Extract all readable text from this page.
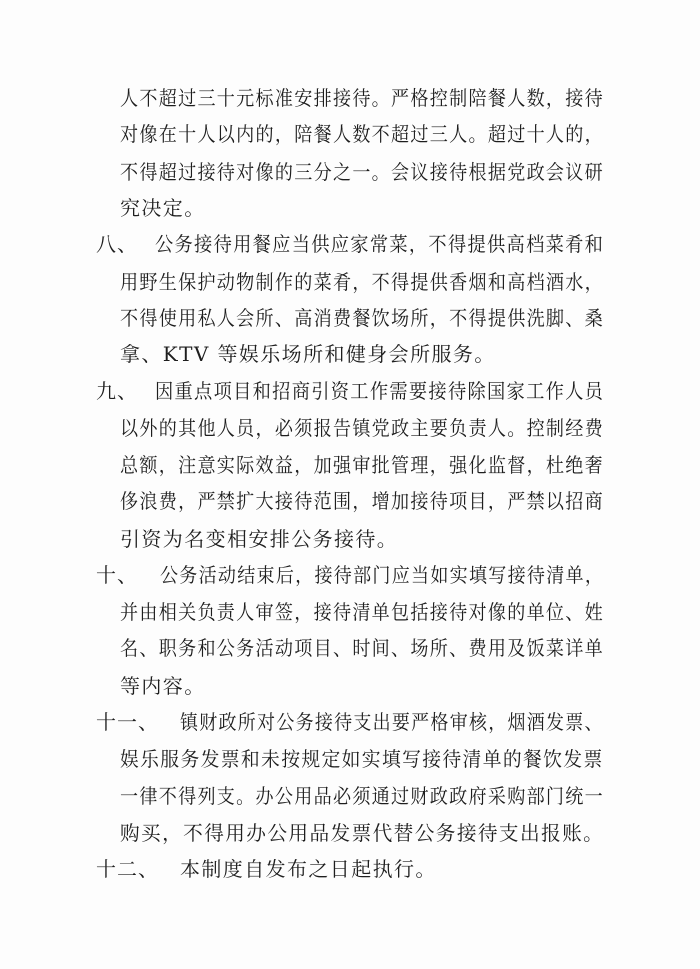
人不超过三十元标准安排接待。严格控制陪餐人数，接待
对像在十人以内的，陪餐人数不超过三人。超过十人的，
不得超过接待对像的三分之一。会议接待根据党政会议研
究决定。
八、 公务接待用餐应当供应家常菜，不得提供高档菜肴和
用野生保护动物制作的菜肴，不得提供香烟和高档酒水，
不得使用私人会所、高消费餐饮场所，不得提供洗脚、桑
拿、KTV 等娱乐场所和健身会所服务。
九、 因重点项目和招商引资工作需要接待除国家工作人员
以外的其他人员，必须报告镇党政主要负责人。控制经费
总额，注意实际效益，加强审批管理，强化监督，杜绝奢
侈浪费，严禁扩大接待范围，增加接待项目，严禁以招商
引资为名变相安排公务接待。
十、 公务活动结束后，接待部门应当如实填写接待清单，
并由相关负责人审签，接待清单包括接待对像的单位、姓
名、职务和公务活动项目、时间、场所、费用及饭菜详单
等内容。
十一、 镇财政所对公务接待支出要严格审核，烟酒发票、
娱乐服务发票和未按规定如实填写接待清单的餐饮发票
一律不得列支。办公用品必须通过财政政府采购部门统一
购买，不得用办公用品发票代替公务接待支出报账。
十二、 本制度自发布之日起执行。
